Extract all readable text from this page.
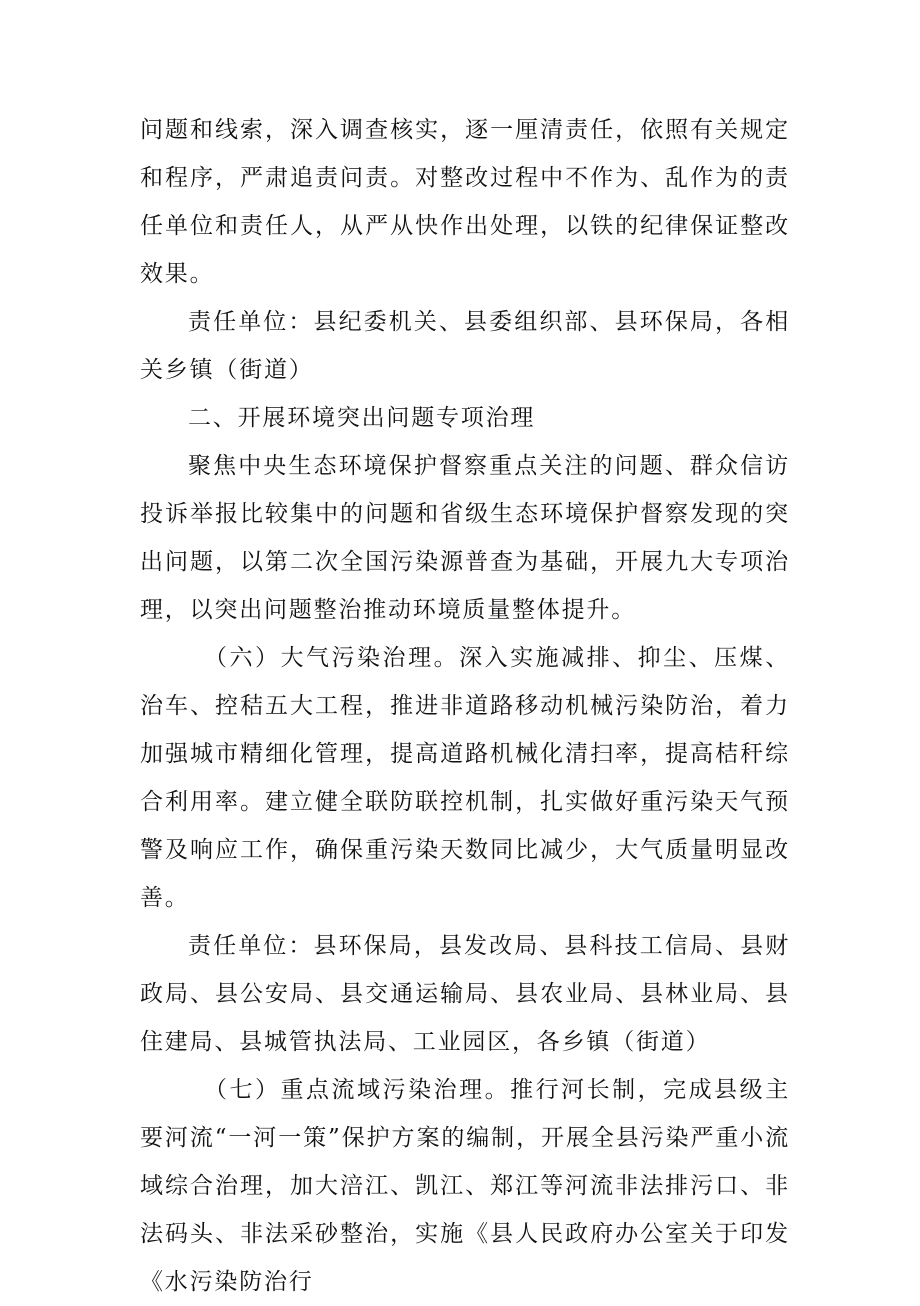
问题和线索，深入调查核实，逐一厘清责任，依照有关规定和程序，严肃追责问责。对整改过程中不作为、乱作为的责任单位和责任人，从严从快作出处理，以铁的纪律保证整改效果。

责任单位：县纪委机关、县委组织部、县环保局，各相关乡镇（街道）

二、开展环境突出问题专项治理

聚焦中央生态环境保护督察重点关注的问题、群众信访投诉举报比较集中的问题和省级生态环境保护督察发现的突出问题，以第二次全国污染源普查为基础，开展九大专项治理，以突出问题整治推动环境质量整体提升。

（六）大气污染治理。深入实施减排、抑尘、压煤、治车、控秸五大工程，推进非道路移动机械污染防治，着力加强城市精细化管理，提高道路机械化清扫率，提高桔秆综合利用率。建立健全联防联控机制，扎实做好重污染天气预警及响应工作，确保重污染天数同比减少，大气质量明显改善。

责任单位：县环保局，县发改局、县科技工信局、县财政局、县公安局、县交通运输局、县农业局、县林业局、县住建局、县城管执法局、工业园区，各乡镇（街道）

（七）重点流域污染治理。推行河长制，完成县级主要河流“一河一策”保护方案的编制，开展全县污染严重小流域综合治理，加大涪江、凯江、郑江等河流非法排污口、非法码头、非法采砂整治，实施《县人民政府办公室关于印发《水污染防治行
